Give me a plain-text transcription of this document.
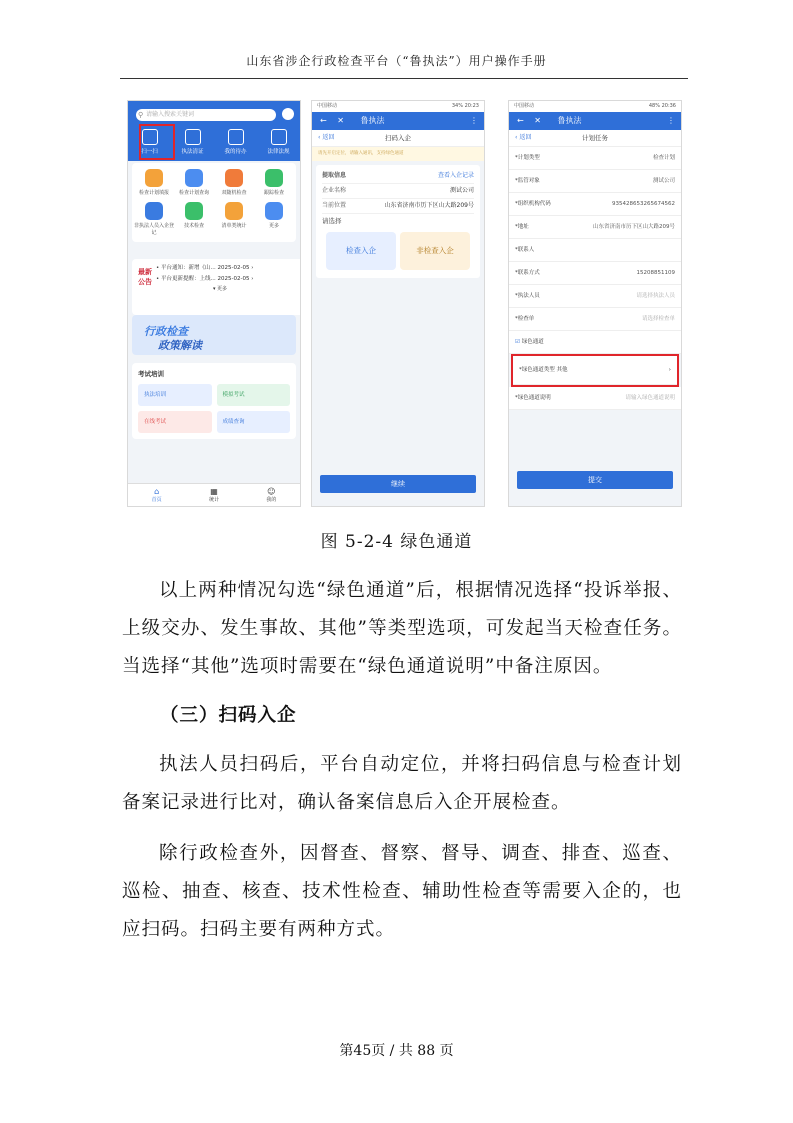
山东省涉企行政检查平台（“鲁执法”）用户操作手册
⚲ 请输入搜索关键词
扫一扫	执法清证	我的待办	法律法规
检查计划填报	检查计划查询	双随机检查	跟踪检查
非执法人员入企登记
技术检查	清单类统计	更多
最新公告
• 平台通知：新增《山... 2025-02-05 ›
• 平台更新提醒：上线... 2025-02-05 ›
▾ 更多
行政检查
政策解读
考试培训
执法培训	模拟考试
在线考试	成绩查询
⌂
首页
▦
统计
☺
我的
中国移动	34% 20:23
← ✕ 鲁执法	⋮
‹ 返回	扫码入企
请先开启定位，请输入通讯，支持绿色通道
提取信息	查看入企记录
企业名称	测试公司
当前位置	山东省济南市历下区山大路209号
请选择
检查入企	非检查入企
继续
中国移动	48% 20:36
← ✕ 鲁执法	⋮
‹ 返回	计划任务
*计划类型	检查计划
*监管对象	测试公司
*组织机构代码	9354286532656745​62
*地址	山东省济南市历下区山大路209号
*联系人
*联系方式	15208851109
*执法人员	请选择执法人员
*检查单	请选择检查单
☑ 绿色通道
*绿色通道类型 其他	›
*绿色通道说明	请输入绿色通道说明
提交
图 5-2-4 绿色通道
以上两种情况勾选“绿色通道”后，根据情况选择“投诉举报、上级交办、发生事故、其他”等类型选项，可发起当天检查任务。当选择“其他”选项时需要在“绿色通道说明”中备注原因。
（三）扫码入企
执法人员扫码后，平台自动定位，并将扫码信息与检查计划备案记录进行比对，确认备案信息后入企开展检查。
除行政检查外，因督查、督察、督导、调查、排查、巡查、巡检、抽查、核查、技术性检查、辅助性检查等需要入企的，也应扫码。扫码主要有两种方式。
第45页 / 共 88 页
